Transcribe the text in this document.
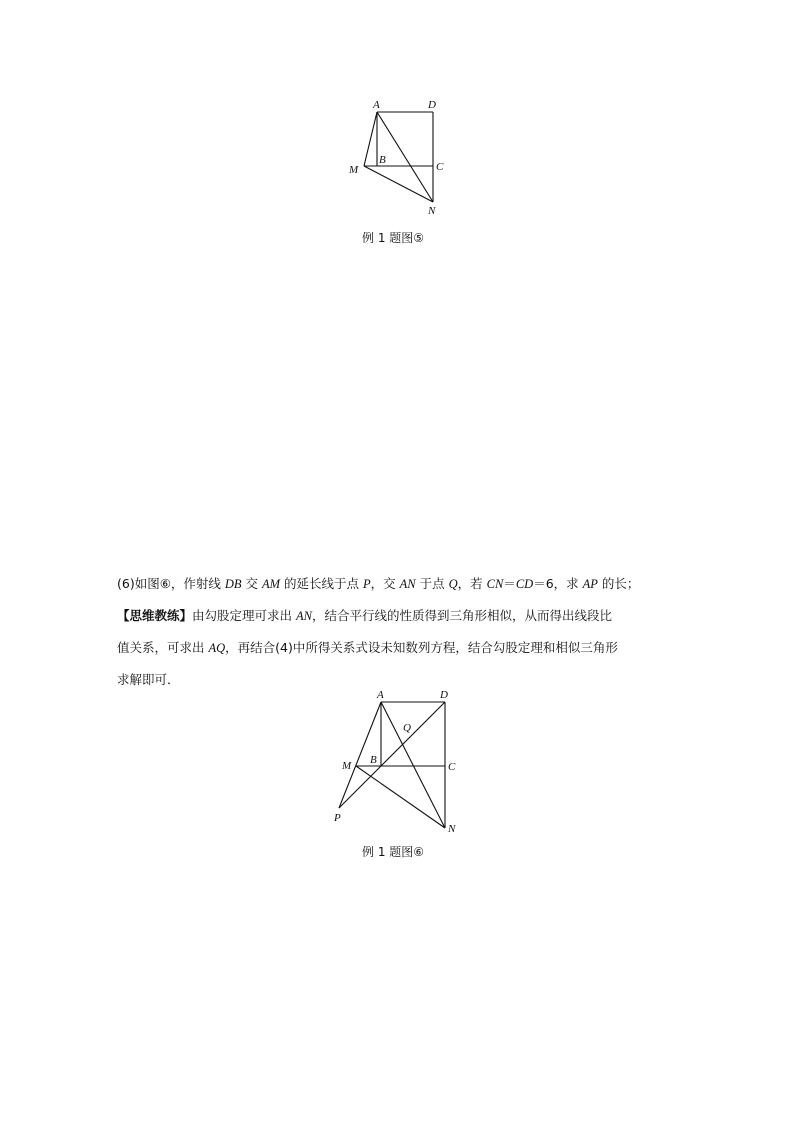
A	D
M
B
C
N
例 1 题图⑤

(6)如图⑥，作射线 DB 交 AM 的延长线于点 P，交 AN 于点 Q，若 CN＝CD＝6，求 AP 的长；

【思维教练】由勾股定理可求出 AN，结合平行线的性质得到三角形相似，从而得出线段比

值关系，可求出 AQ，再结合(4)中所得关系式设未知数列方程，结合勾股定理和相似三角形

求解即可．

A	D
Q
M B
C
P
N
例 1 题图⑥
